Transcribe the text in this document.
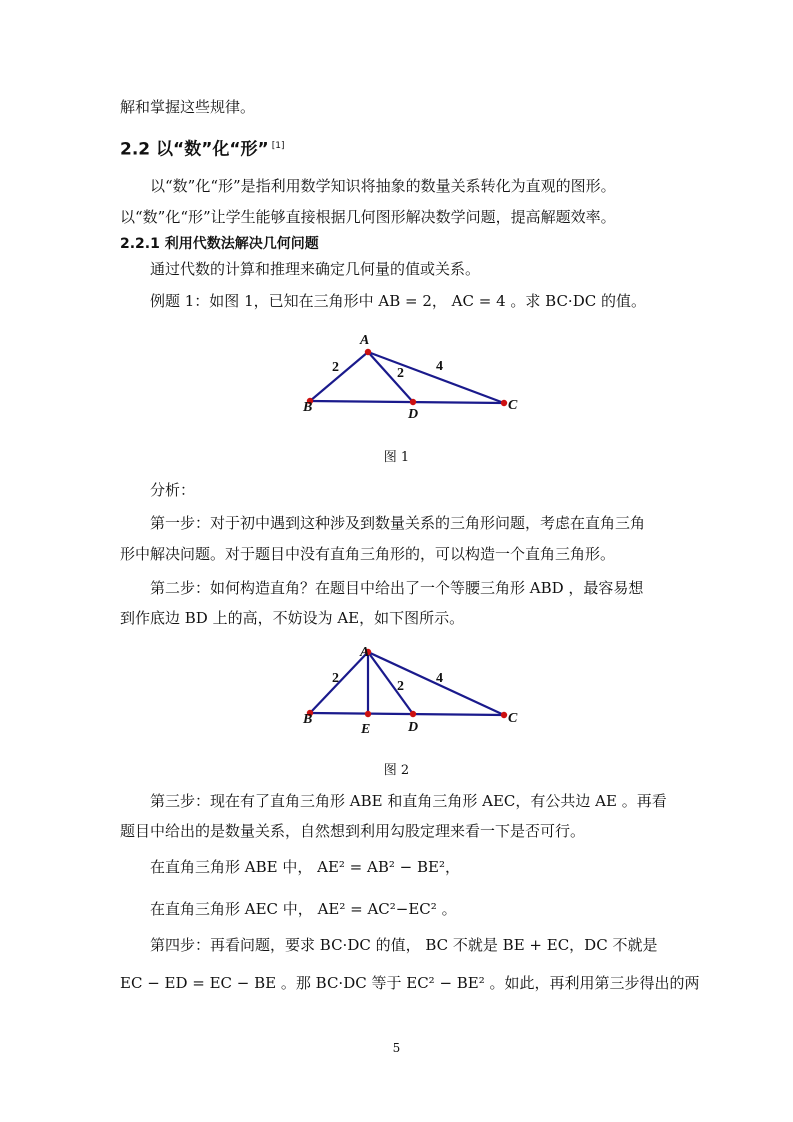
解和掌握这些规律。
2.2 以“数”化“形” [1]
以“数”化“形”是指利用数学知识将抽象的数量关系转化为直观的图形。
以“数”化“形”让学生能够直接根据几何图形解决数学问题，提高解题效率。
2.2.1 利用代数法解决几何问题
通过代数的计算和推理来确定几何量的值或关系。
例题 1：如图 1，已知在三角形中 AB = 2， AC = 4 。求 BC·DC 的值。
A
B	D
C
2	2 4
图 1
分析：
第一步：对于初中遇到这种涉及到数量关系的三角形问题，考虑在直角三角
形中解决问题。对于题目中没有直角三角形的，可以构造一个直角三角形。
第二步：如何构造直角？在题目中给出了一个等腰三角形 ABD ，最容易想
到作底边 BD 上的高，不妨设为 AE，如下图所示。
A
B
E	D
C
2
2
4
图 2
第三步：现在有了直角三角形 ABE 和直角三角形 AEC，有公共边 AE 。再看
题目中给出的是数量关系，自然想到利用勾股定理来看一下是否可行。
在直角三角形 ABE 中， AE² = AB² − BE²，
在直角三角形 AEC 中， AE² = AC²−EC² 。
第四步：再看问题，要求 BC·DC 的值， BC 不就是 BE + EC，DC 不就是
EC − ED = EC − BE 。那 BC·DC 等于 EC² − BE² 。如此，再利用第三步得出的两
5
